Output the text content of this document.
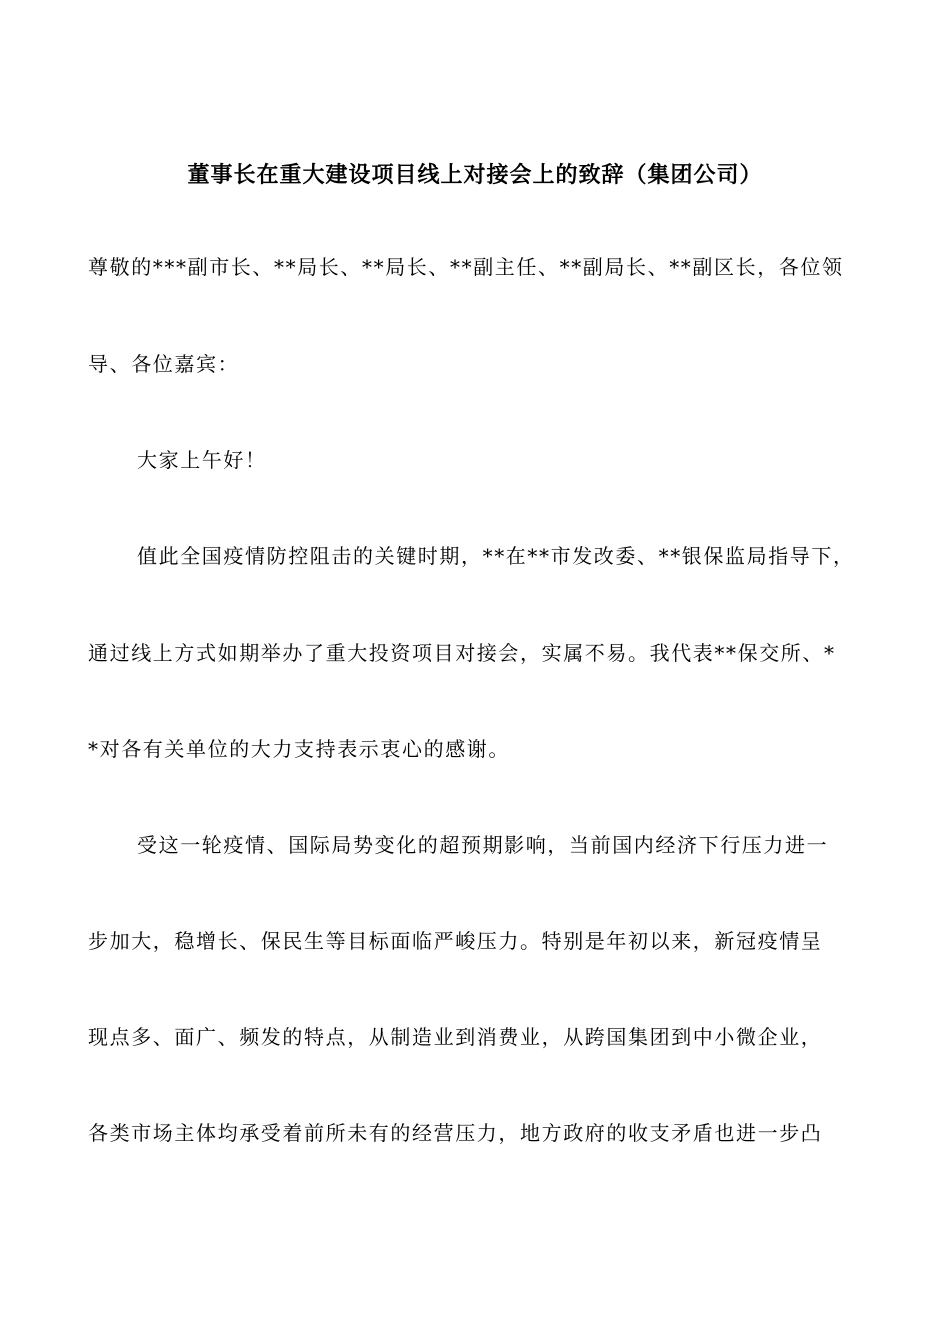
董事长在重大建设项目线上对接会上的致辞（集团公司）
尊敬的***副市长、**局长、**局长、**副主任、**副局长、**副区长，各位领
导、各位嘉宾：
大家上午好！
值此全国疫情防控阻击的关键时期，**在**市发改委、**银保监局指导下，
通过线上方式如期举办了重大投资项目对接会，实属不易。我代表**保交所、*
*对各有关单位的大力支持表示衷心的感谢。
受这一轮疫情、国际局势变化的超预期影响，当前国内经济下行压力进一
步加大，稳增长、保民生等目标面临严峻压力。特别是年初以来，新冠疫情呈
现点多、面广、频发的特点，从制造业到消费业，从跨国集团到中小微企业，
各类市场主体均承受着前所未有的经营压力，地方政府的收支矛盾也进一步凸
